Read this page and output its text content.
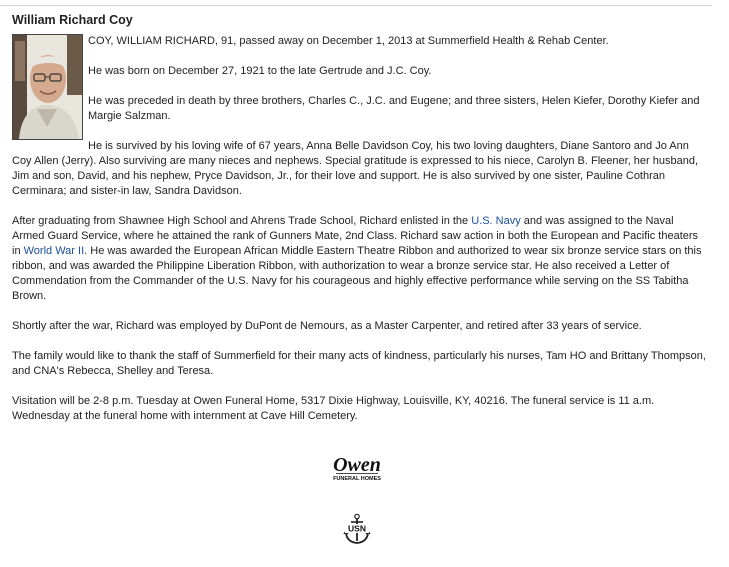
William Richard Coy

COY, WILLIAM RICHARD, 91, passed away on December 1, 2013 at Summerfield Health & Rehab Center.

He was born on December 27, 1921 to the late Gertrude and J.C. Coy.

He was preceded in death by three brothers, Charles C., J.C. and Eugene; and three sisters, Helen Kiefer, Dorothy Kiefer and Margie Salzman.

He is survived by his loving wife of 67 years, Anna Belle Davidson Coy, his two loving daughters, Diane Santoro and Jo Ann Coy Allen (Jerry). Also surviving are many nieces and nephews. Special gratitude is expressed to his niece, Carolyn B. Fleener, her husband, Jim and son, David, and his nephew, Pryce Davidson, Jr., for their love and support. He is also survived by one sister, Pauline Cothran Cerminara; and sister-in law, Sandra Davidson.

After graduating from Shawnee High School and Ahrens Trade School, Richard enlisted in the U.S. Navy and was assigned to the Naval Armed Guard Service, where he attained the rank of Gunners Mate, 2nd Class. Richard saw action in both the European and Pacific theaters in World War II. He was awarded the European African Middle Eastern Theatre Ribbon and authorized to wear six bronze service stars on this ribbon, and was awarded the Philippine Liberation Ribbon, with authorization to wear a bronze service star. He also received a Letter of Commendation from the Commander of the U.S. Navy for his courageous and highly effective performance while serving on the SS Tabitha Brown.

Shortly after the war, Richard was employed by DuPont de Nemours, as a Master Carpenter, and retired after 33 years of service.

The family would like to thank the staff of Summerfield for their many acts of kindness, particularly his nurses, Tam HO and Brittany Thompson, and CNA's Rebecca, Shelley and Teresa.

Visitation will be 2-8 p.m. Tuesday at Owen Funeral Home, 5317 Dixie Highway, Louisville, KY, 40216. The funeral service is 11 a.m. Wednesday at the funeral home with internment at Cave Hill Cemetery.

Owen
FUNERAL HOMES
USN
